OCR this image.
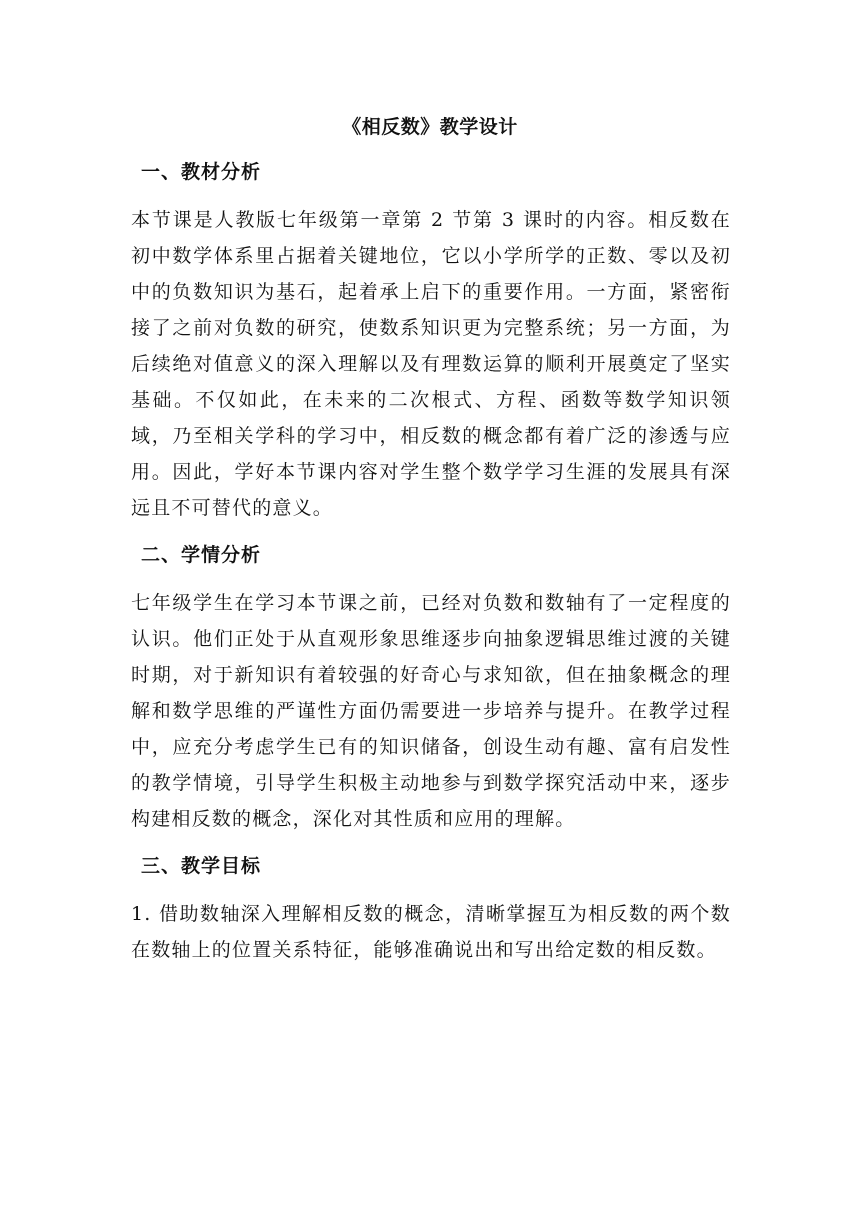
《相反数》教学设计
一、教材分析

本节课是人教版七年级第一章第 2 节第 3 课时的内容。相反数在初中数学体系里占据着关键地位，它以小学所学的正数、零以及初中的负数知识为基石，起着承上启下的重要作用。一方面，紧密衔接了之前对负数的研究，使数系知识更为完整系统；另一方面，为后续绝对值意义的深入理解以及有理数运算的顺利开展奠定了坚实基础。不仅如此，在未来的二次根式、方程、函数等数学知识领域，乃至相关学科的学习中，相反数的概念都有着广泛的渗透与应用。因此，学好本节课内容对学生整个数学学习生涯的发展具有深远且不可替代的意义。

二、学情分析

七年级学生在学习本节课之前，已经对负数和数轴有了一定程度的认识。他们正处于从直观形象思维逐步向抽象逻辑思维过渡的关键时期，对于新知识有着较强的好奇心与求知欲，但在抽象概念的理解和数学思维的严谨性方面仍需要进一步培养与提升。在教学过程中，应充分考虑学生已有的知识储备，创设生动有趣、富有启发性的教学情境，引导学生积极主动地参与到数学探究活动中来，逐步构建相反数的概念，深化对其性质和应用的理解。

三、教学目标

1. 借助数轴深入理解相反数的概念，清晰掌握互为相反数的两个数在数轴上的位置关系特征，能够准确说出和写出给定数的相反数。
